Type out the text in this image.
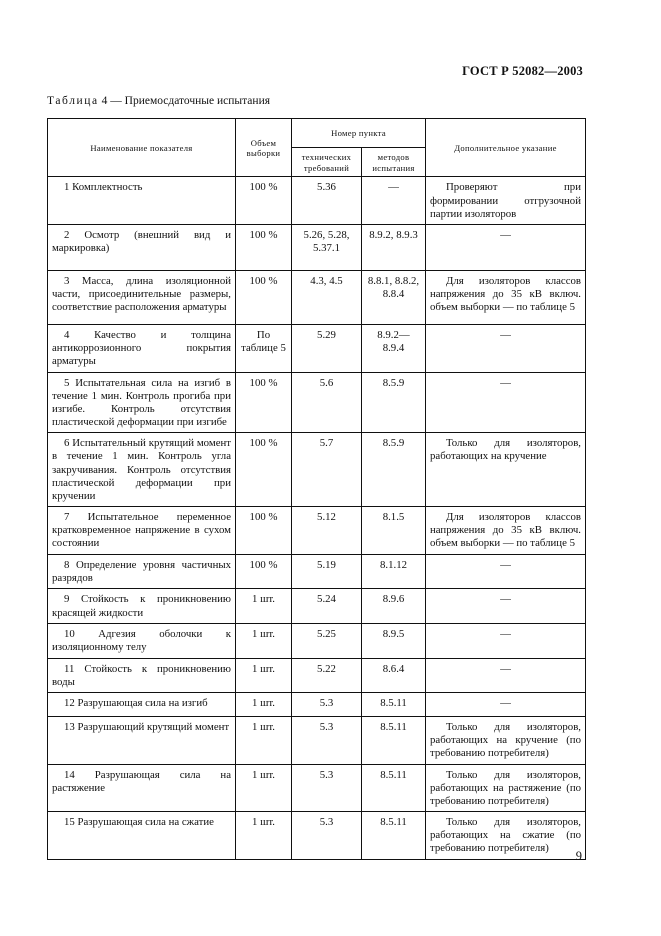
ГОСТ Р 52082—2003
Таблица 4 — Приемосдаточные испытания
Наименование показателя	Объем выборки	Номер пункта		Дополнительное указание
		технических требований	методов испытания	
1 Комплектность	100 %	5.36	—	Проверяют при формировании отгрузочной партии изоляторов
2 Осмотр (внешний вид и маркировка)	100 %	5.26, 5.28, 5.37.1	8.9.2, 8.9.3	—
3 Масса, длина изоляционной части, присоединительные размеры, соответствие расположения арматуры	100 %	4.3, 4.5	8.8.1, 8.8.2, 8.8.4	Для изоляторов классов напряжения до 35 кВ включ. объем выборки — по таблице 5
4 Качество и толщина антикоррозионного покрытия арматуры	По таблице 5	5.29	8.9.2— 8.9.4	—
5 Испытательная сила на изгиб в течение 1 мин. Контроль прогиба при изгибе. Контроль отсутствия пластической деформации при изгибе	100 %	5.6	8.5.9	—
6 Испытательный крутящий момент в течение 1 мин. Контроль угла закручивания. Контроль отсутствия пластической деформации при кручении	100 %	5.7	8.5.9	Только для изоляторов, работающих на кручение
7 Испытательное переменное кратковременное напряжение в сухом состоянии	100 %	5.12	8.1.5	Для изоляторов классов напряжения до 35 кВ включ. объем выборки — по таблице 5
8 Определение уровня частичных разрядов	100 %	5.19	8.1.12	—
9 Стойкость к проникновению красящей жидкости	1 шт.	5.24	8.9.6	—
10 Адгезия оболочки к изоляционному телу	1 шт.	5.25	8.9.5	—
11 Стойкость к проникновению воды	1 шт.	5.22	8.6.4	—
12 Разрушающая сила на изгиб	1 шт.	5.3	8.5.11	—
13 Разрушающий крутящий момент	1 шт.	5.3	8.5.11	Только для изоляторов, работающих на кручение (по требованию потребителя)
14 Разрушающая сила на растяжение	1 шт.	5.3	8.5.11	Только для изоляторов, работающих на растяжение (по требованию потребителя)
15 Разрушающая сила на сжатие	1 шт.	5.3	8.5.11	Только для изоляторов, работающих на сжатие (по требованию потребителя)
9
